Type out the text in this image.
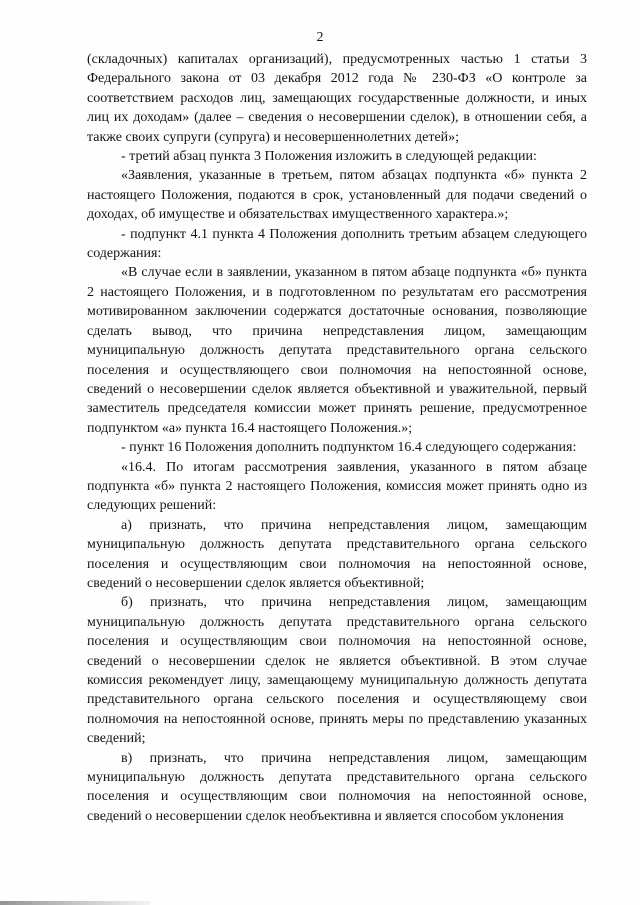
2

(складочных) капиталах организаций), предусмотренных частью 1 статьи 3 Федерального закона от 03 декабря 2012 года № 230-ФЗ «О контроле за соответствием расходов лиц, замещающих государственные должности, и иных лиц их доходам» (далее – сведения о несовершении сделок), в отношении себя, а также своих супруги (супруга) и несовершеннолетних детей»;

- третий абзац пункта 3 Положения изложить в следующей редакции:

«Заявления, указанные в третьем, пятом абзацах подпункта «б» пункта 2 настоящего Положения, подаются в срок, установленный для подачи сведений о доходах, об имуществе и обязательствах имущественного характера.»;

- подпункт 4.1 пункта 4 Положения дополнить третьим абзацем следующего содержания:

«В случае если в заявлении, указанном в пятом абзаце подпункта «б» пункта 2 настоящего Положения, и в подготовленном по результатам его рассмотрения мотивированном заключении содержатся достаточные основания, позволяющие сделать вывод, что причина непредставления лицом, замещающим муниципальную должность депутата представительного органа сельского поселения и осуществляющего свои полномочия на непостоянной основе, сведений о несовершении сделок является объективной и уважительной, первый заместитель председателя комиссии может принять решение, предусмотренное подпунктом «а» пункта 16.4 настоящего Положения.»;

- пункт 16 Положения дополнить подпунктом 16.4 следующего содержания:

«16.4. По итогам рассмотрения заявления, указанного в пятом абзаце подпункта «б» пункта 2 настоящего Положения, комиссия может принять одно из следующих решений:

а) признать, что причина непредставления лицом, замещающим муниципальную должность депутата представительного органа сельского поселения и осуществляющим свои полномочия на непостоянной основе, сведений о несовершении сделок является объективной;

б) признать, что причина непредставления лицом, замещающим муниципальную должность депутата представительного органа сельского поселения и осуществляющим свои полномочия на непостоянной основе, сведений о несовершении сделок не является объективной. В этом случае комиссия рекомендует лицу, замещающему муниципальную должность депутата представительного органа сельского поселения и осуществляющему свои полномочия на непостоянной основе, принять меры по представлению указанных сведений;

в) признать, что причина непредставления лицом, замещающим муниципальную должность депутата представительного органа сельского поселения и осуществляющим свои полномочия на непостоянной основе, сведений о несовершении сделок необъективна и является способом уклонения
